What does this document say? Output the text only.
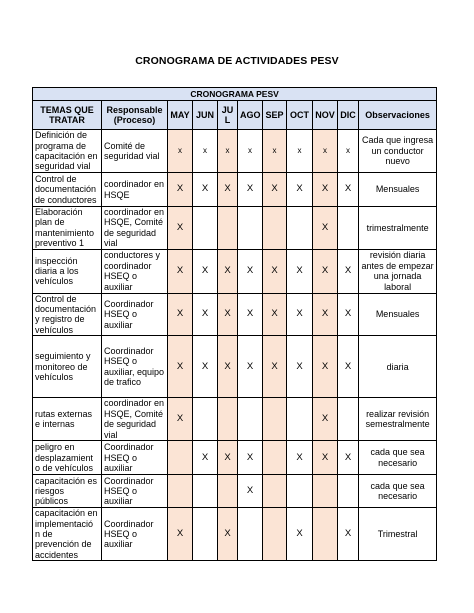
CRONOGRAMA DE ACTIVIDADES PESV
CRONOGRAMA PESV										
TEMAS QUE TRATAR	Responsable (Proceso)	MAY	JUN	JU L	AGO	SEP	OCT	NOV	DIC	Observaciones
Definición de programa de capacitación en seguridad vial	Comité de seguridad vial	x	x	x	x	x	x	x	x	Cada que ingresa un conductor nuevo
Control de documentación de conductores	coordinador en HSQE	X	X	X	X	X	X	X	X	Mensuales
Elaboración plan de mantenimiento preventivo 1	coordinador en HSQE, Comité de seguridad vial	X						X		trimestralmente
inspección diaria a los vehículos	conductores y coordinador HSEQ o auxiliar	X	X	X	X	X	X	X	X	revisión diaria antes de empezar una jornada laboral
Control de documentación y registro de vehículos	Coordinador HSEQ o auxiliar	X	X	X	X	X	X	X	X	Mensuales
seguimiento y monitoreo de vehículos	Coordinador HSEQ o auxiliar, equipo de trafico	X	X	X	X	X	X	X	X	diaria
rutas externas e internas	coordinador en HSQE, Comité de seguridad vial	X						X		realizar revisión semestralmente
peligro en desplazamient o de vehículos	Coordinador HSEQ o auxiliar		X	X	X		X	X	X	cada que sea necesario
capacitación es riesgos públicos	Coordinador HSEQ o auxiliar				X					cada que sea necesario
capacitación en implementació n de prevención de accidentes	Coordinador HSEQ o auxiliar	X		X			X		X	Trimestral
